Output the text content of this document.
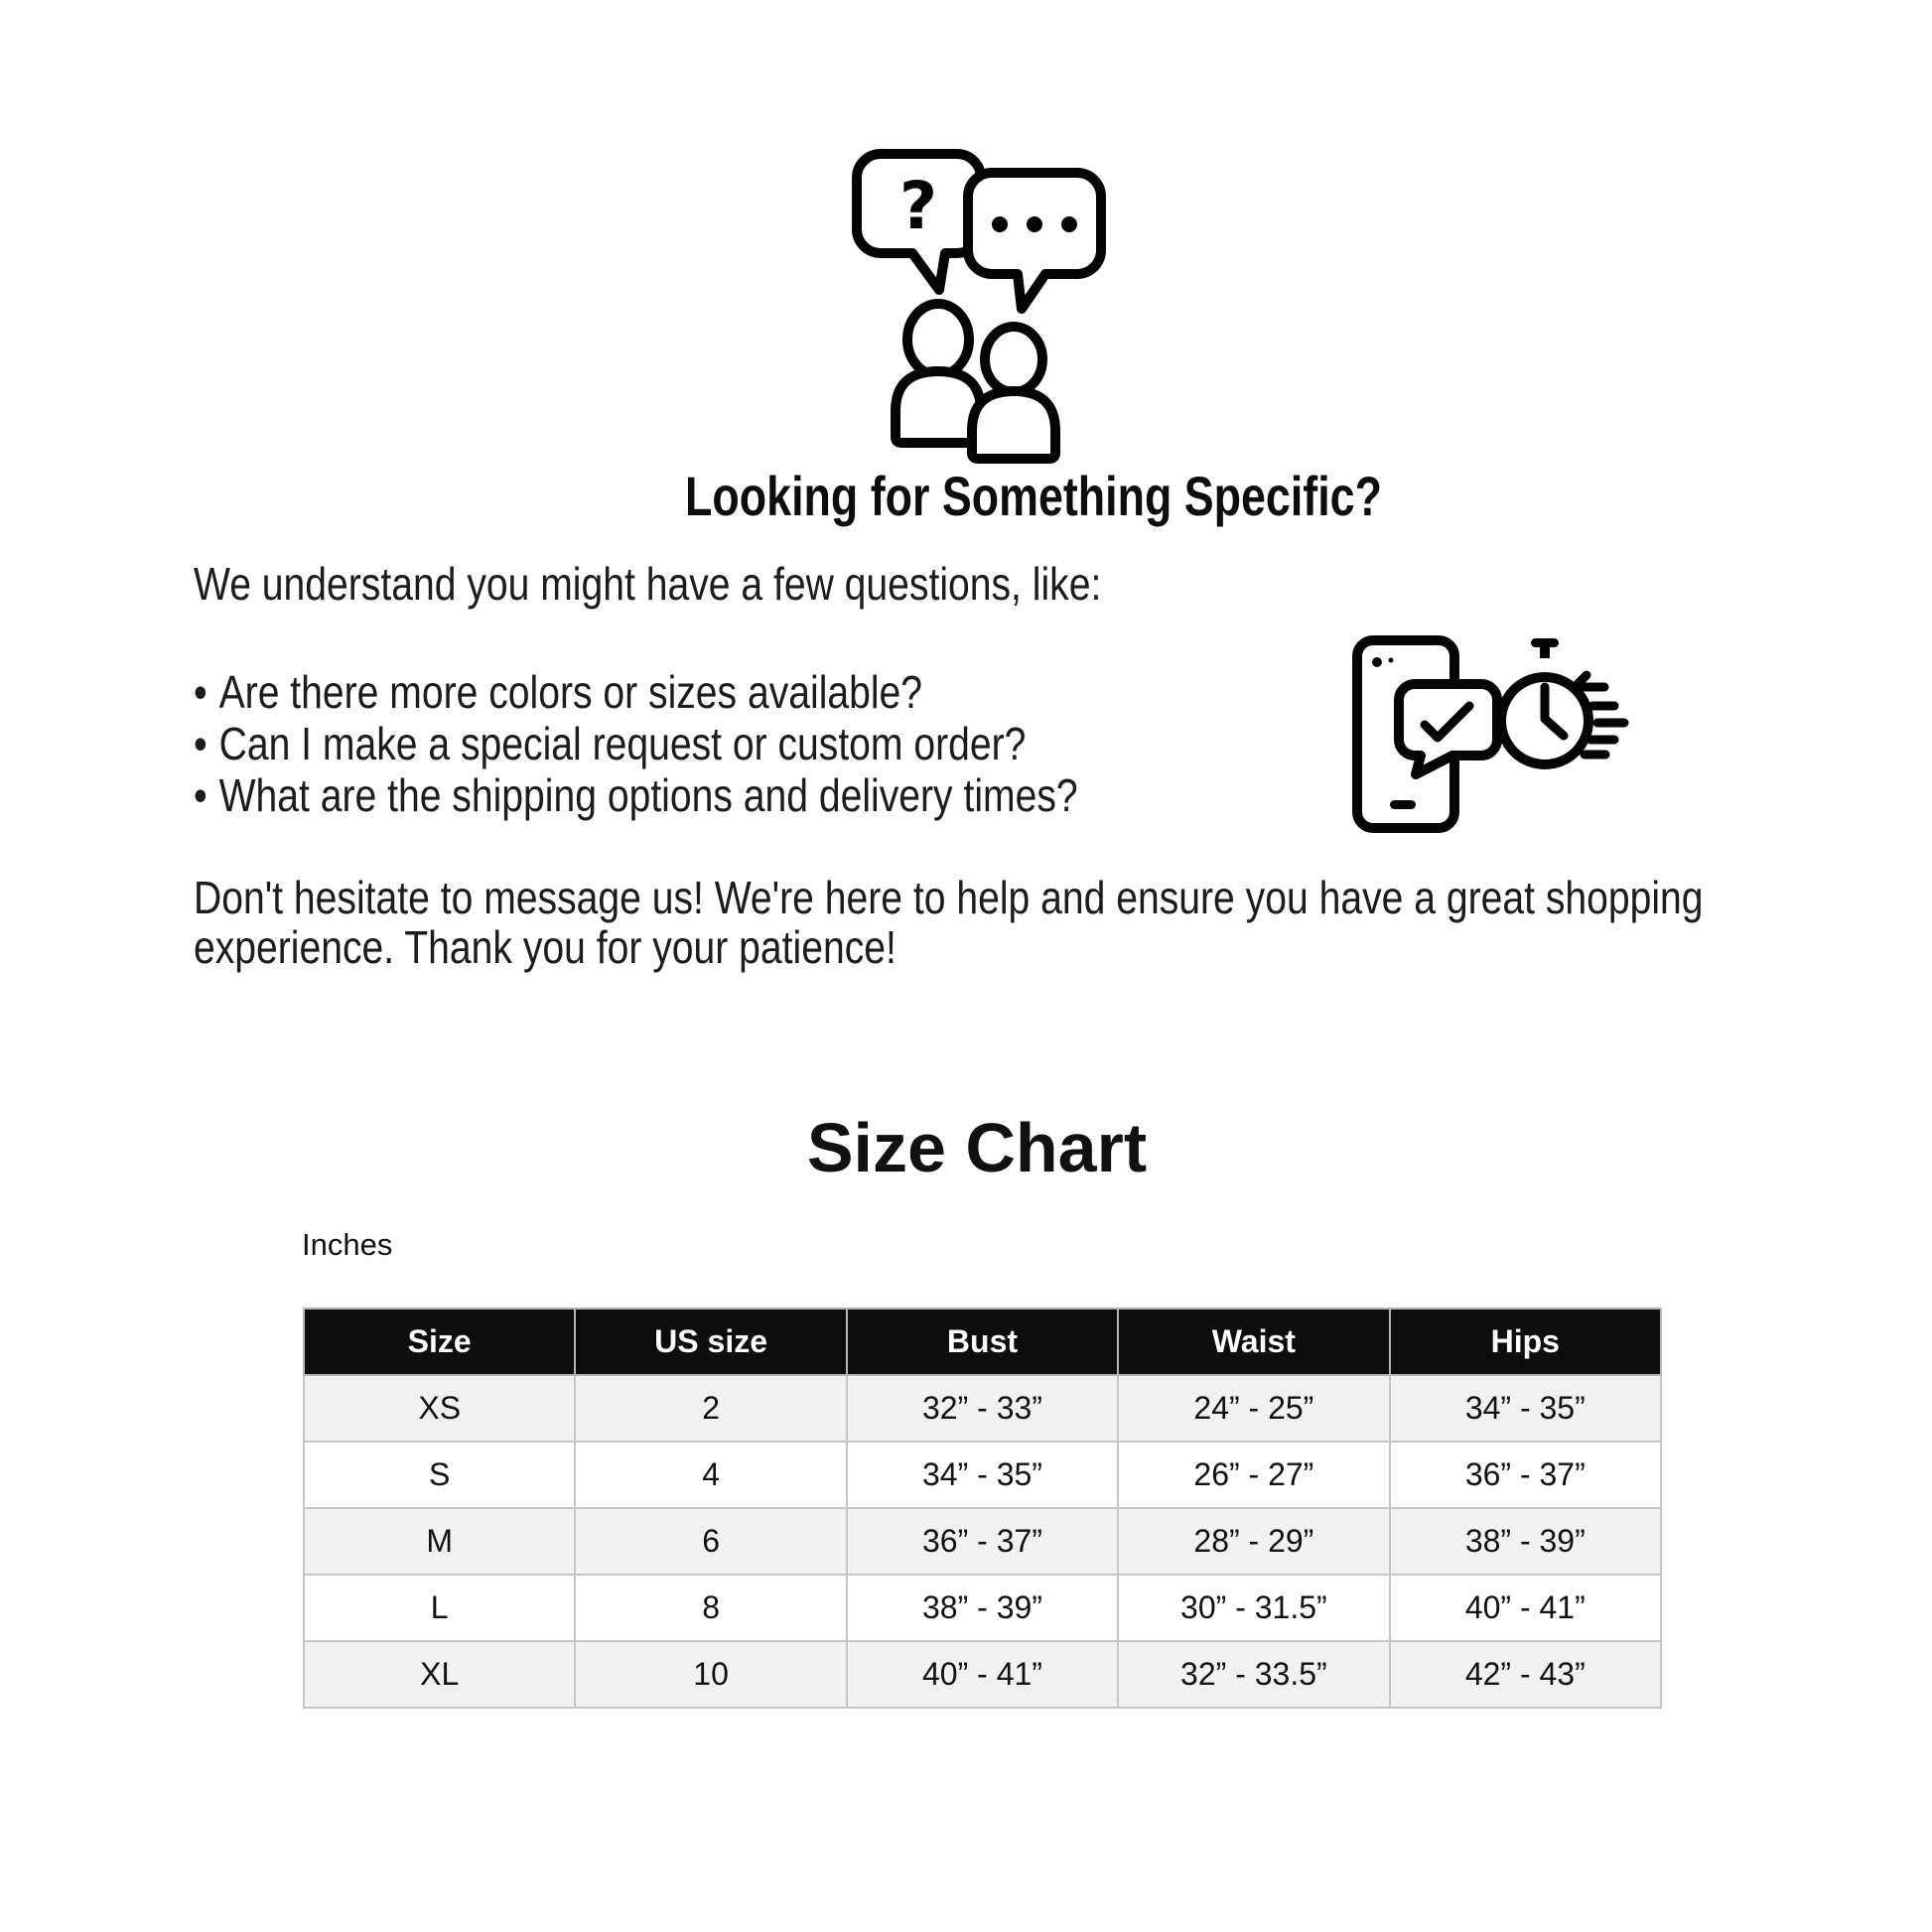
?
Looking for Something Specific?
We understand you might have a few questions, like:
• Are there more colors or sizes available?
• Can I make a special request or custom order?
• What are the shipping options and delivery times?
Don't hesitate to message us! We're here to help and ensure you have a great shopping
experience. Thank you for your patience!
Size Chart
Inches
Size	US size	Bust	Waist	Hips
XS	2	32” - 33”	24” - 25”	34” - 35”
S	4	34” - 35”	26” - 27”	36” - 37”
M	6	36” - 37”	28” - 29”	38” - 39”
L	8	38” - 39”	30” - 31.5”	40” - 41”
XL	10	40” - 41”	32” - 33.5”	42” - 43”
